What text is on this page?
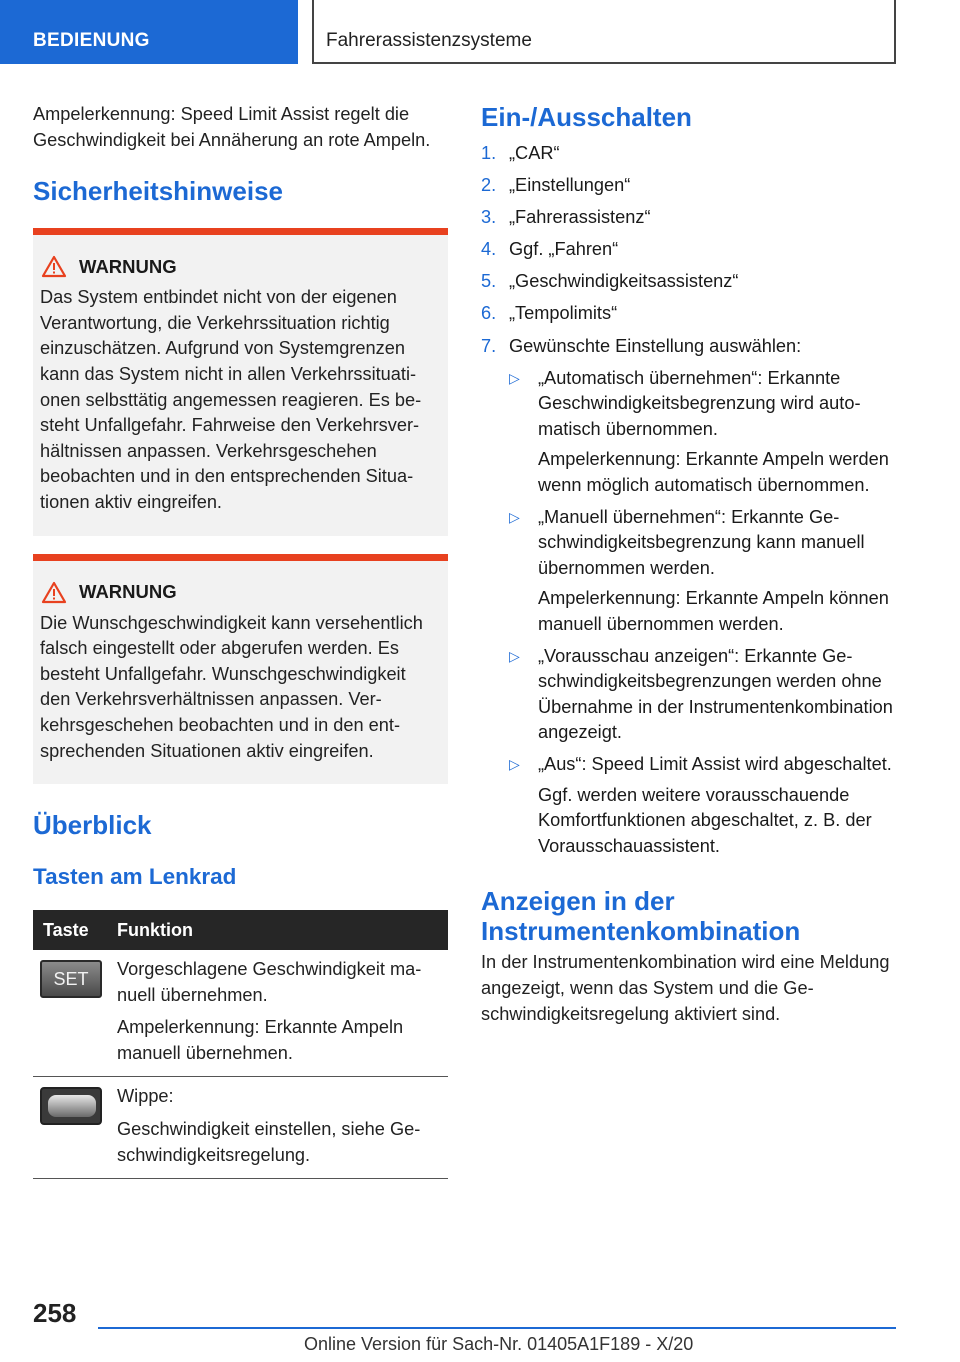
BEDIENUNG	Fahrerassistenzsysteme
Ampelerkennung: Speed Limit Assist regelt die Geschwindigkeit bei Annäherung an rote Ampeln.
Sicherheitshinweise
WARNUNG
Das System entbindet nicht von der eigenen Verantwortung, die Verkehrssituation richtig einzuschätzen. Aufgrund von Systemgrenzen kann das System nicht in allen Verkehrssituationen selbsttätig angemessen reagieren. Es besteht Unfallgefahr. Fahrweise den Verkehrsverhältnissen anpassen. Verkehrsgeschehen beobachten und in den entsprechenden Situationen aktiv eingreifen.
WARNUNG
Die Wunschgeschwindigkeit kann versehentlich falsch eingestellt oder abgerufen werden. Es besteht Unfallgefahr. Wunschgeschwindigkeit den Verkehrsverhältnissen anpassen. Verkehrsgeschehen beobachten und in den entsprechenden Situationen aktiv eingreifen.
Überblick
Tasten am Lenkrad
Taste	Funktion

SET	Vorgeschlagene Geschwindigkeit manuell übernehmen.
Ampelerkennung: Erkannte Ampeln manuell übernehmen.

	Wippe:
Geschwindigkeit einstellen, siehe Geschwindigkeitsregelung.
Ein-/Ausschalten
1. „CAR“
2. „Einstellungen“
3. „Fahrerassistenz“
4. Ggf. „Fahren“
5. „Geschwindigkeitsassistenz“
6. „Tempolimits“
7. Gewünschte Einstellung auswählen:
▷ „Automatisch übernehmen“: Erkannte Geschwindigkeitsbegrenzung wird automatisch übernommen.
Ampelerkennung: Erkannte Ampeln werden wenn möglich automatisch übernommen.
▷ „Manuell übernehmen“: Erkannte Geschwindigkeitsbegrenzung kann manuell übernommen werden.
Ampelerkennung: Erkannte Ampeln können manuell übernommen werden.
▷ „Vorausschau anzeigen“: Erkannte Geschwindigkeitsbegrenzungen werden ohne Übernahme in der Instrumentenkombination angezeigt.
▷ „Aus“: Speed Limit Assist wird abgeschaltet.
Ggf. werden weitere vorausschauende Komfortfunktionen abgeschaltet, z. B. der Vorausschauassistent.
Anzeigen in der Instrumentenkombination
In der Instrumentenkombination wird eine Meldung angezeigt, wenn das System und die Geschwindigkeitsregelung aktiviert sind.
258
Online Version für Sach-Nr. 01405A1F189 - X/20
